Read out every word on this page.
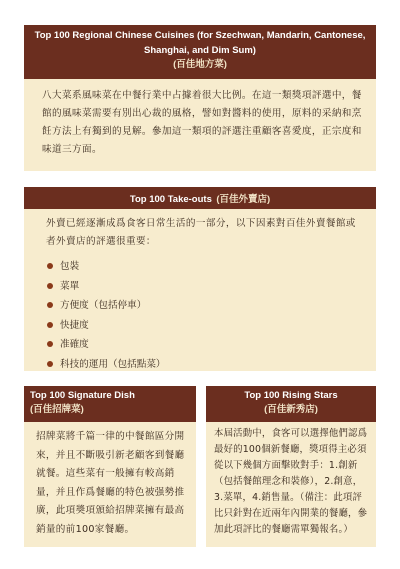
Top 100 Regional Chinese Cuisines (for Szechwan, Mandarin, Cantonese, Shanghai, and Dim Sum)
(百佳地方菜)

八大菜系風味菜在中餐行業中占據着很大比例。在這一類獎項評選中，餐館的風味菜需要有別出心裁的風格，譬如對醬料的使用，原料的采納和烹飪方法上有獨到的見解。參加這一類項的評選注重顧客喜愛度，正宗度和味道三方面。

Top 100 Take-outs (百佳外賣店)

外賣已經逐漸成爲食客日常生活的一部分，以下因素對百佳外賣餐館或者外賣店的評選很重要：

包裝
菜單
方便度（包括停車）
快捷度
准確度
科技的運用（包括點菜）
Top 100 Signature Dish
(百佳招牌菜)

招牌菜將千篇一律的中餐館區分開來，并且不斷吸引新老顧客到餐廳就餐。這些菜有一般擁有較高銷量，并且作爲餐廳的特色被强勢推廣，此項奬項頒給招牌菜擁有最高銷量的前100家餐廳。

Top 100 Rising Stars
(百佳新秀店)

本屆活動中，食客可以選擇他們認爲最好的100個新餐廳，獎項得主必須從以下幾個方面擊敗對手：1.創新（包括餐館理念和裝修），2.創意，3.菜單，4.銷售量。（備注：此項評比只針對在近兩年內開業的餐廳，參加此項評比的餐廳需單獨報名。）
